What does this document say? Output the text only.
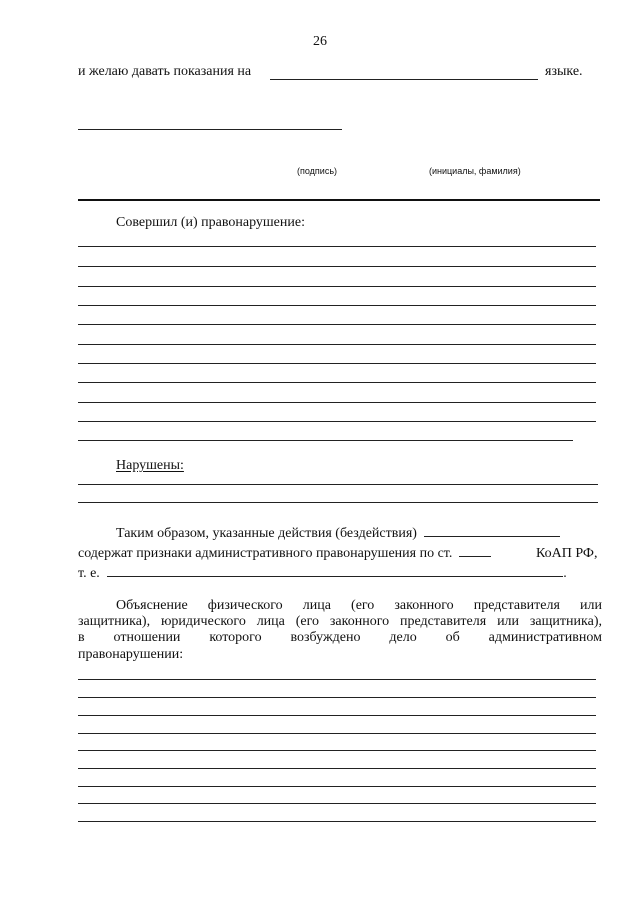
26
и желаю давать показания на	языке.
(подпись)	(инициалы, фамилия)
Совершил (и) правонарушение:
Нарушены:
Таким образом, указанные действия (бездействия)
содержат признаки административного правонарушения по ст.	КоАП РФ,
т. е.	.
Объяснение физического лица (его законного представителя или
защитника), юридического лица (его законного представителя или защитника),
в отношении которого возбуждено дело об административном
правонарушении:
